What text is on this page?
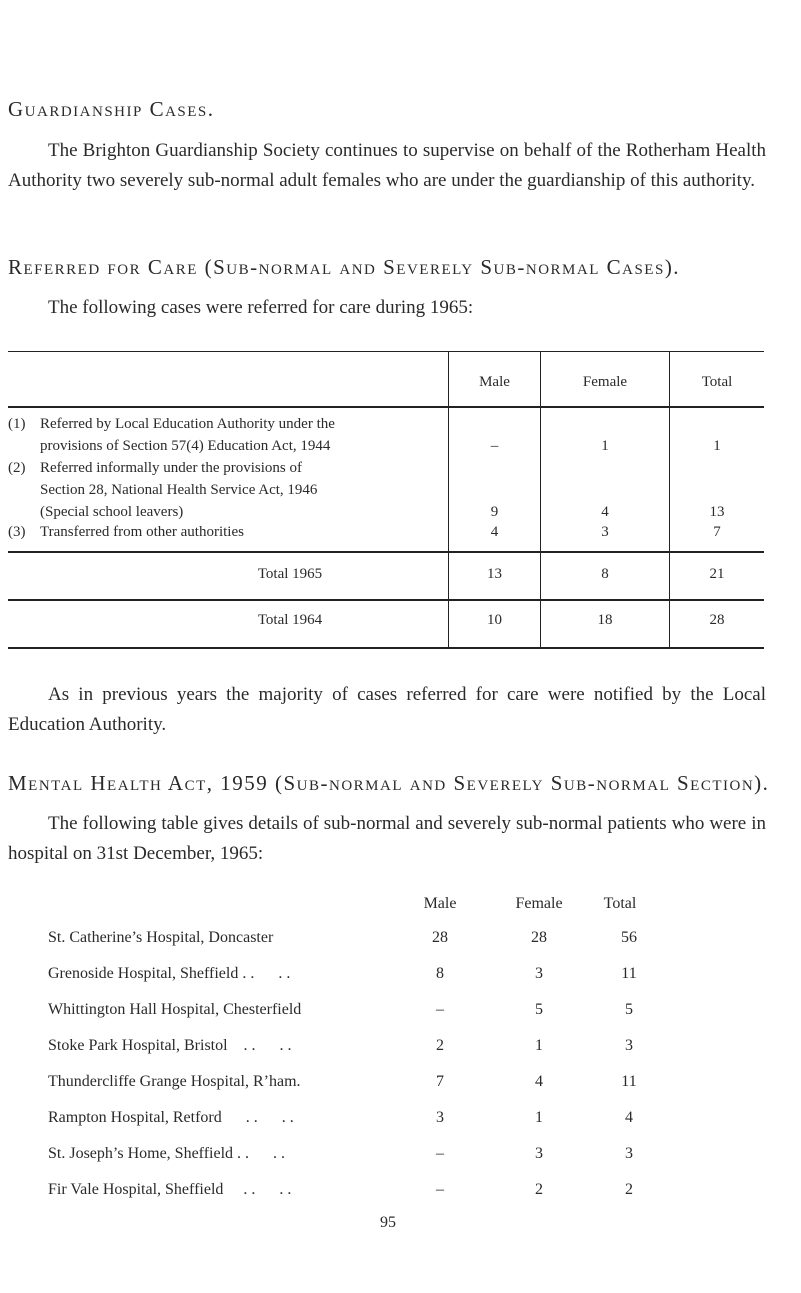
Guardianship Cases.
The Brighton Guardianship Society continues to supervise on behalf of the Rotherham Health Authority two severely sub-normal adult females who are under the guardianship of this authority.
Referred for Care (Sub-normal and Severely Sub-normal Cases).
The following cases were referred for care during 1965:
Male	Female	Total
(1) Referred by Local Education Authority under the
provisions of Section 57(4) Education Act, 1944	–	1	1
(2) Referred informally under the provisions of
Section 28, National Health Service Act, 1946
(Special school leavers)	9	4	13
(3) Transferred from other authorities	4	3	7
Total 1965	13	8	21
Total 1964	10	18	28
As in previous years the majority of cases referred for care were notified by the Local Education Authority.
Mental Health Act, 1959 (Sub-normal and Severely Sub-normal Section).
The following table gives details of sub-normal and severely sub-normal patients who were in hospital on 31st December, 1965:
Male	Female	Total
St. Catherine’s Hospital, Doncaster	28	28	56
Grenoside Hospital, Sheffield . .      . .	8	3	11
Whittington Hall Hospital, Chesterfield	–	5	5
Stoke Park Hospital, Bristol    . .      . .	2	1	3
Thundercliffe Grange Hospital, R’ham.	7	4	11
Rampton Hospital, Retford      . .      . .	3	1	4
St. Joseph’s Home, Sheffield . .      . .	–	3	3
Fir Vale Hospital, Sheffield     . .      . .	–	2	2
95
